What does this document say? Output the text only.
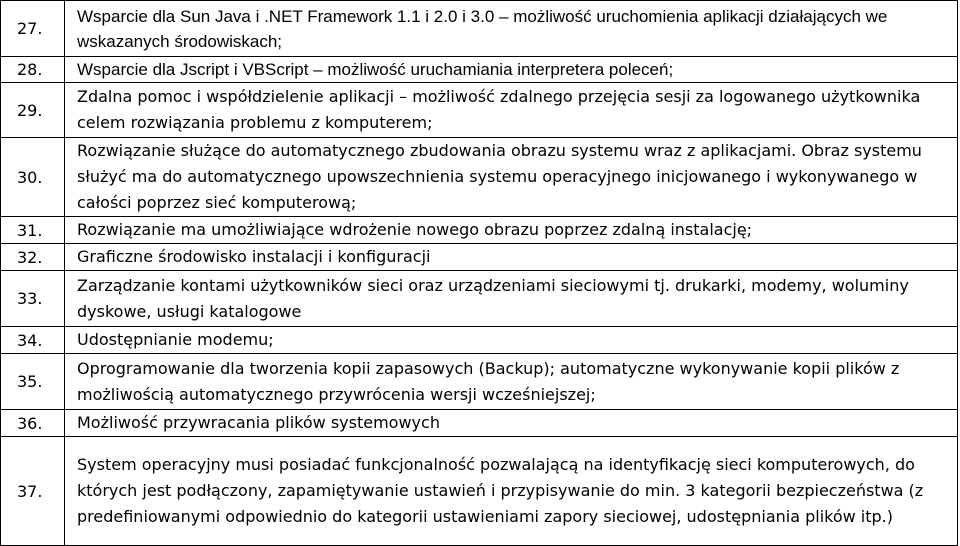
27.	Wsparcie dla Sun Java i .NET Framework 1.1 i 2.0 i 3.0 – możliwość uruchomienia aplikacji działających we wskazanych środowiskach;
28.	Wsparcie dla Jscript i VBScript – możliwość uruchamiania interpretera poleceń;
29.	Zdalna pomoc i współdzielenie aplikacji – możliwość zdalnego przejęcia sesji za logowanego użytkownika celem rozwiązania problemu z komputerem;
30.	Rozwiązanie służące do automatycznego zbudowania obrazu systemu wraz z aplikacjami. Obraz systemu służyć ma do automatycznego upowszechnienia systemu operacyjnego inicjowanego i wykonywanego w całości poprzez sieć komputerową;
31.	Rozwiązanie ma umożliwiające wdrożenie nowego obrazu poprzez zdalną instalację;
32.	Graficzne środowisko instalacji i konfiguracji
33.	Zarządzanie kontami użytkowników sieci oraz urządzeniami sieciowymi tj. drukarki, modemy, woluminy dyskowe, usługi katalogowe
34.	Udostępnianie modemu;
35.	Oprogramowanie dla tworzenia kopii zapasowych (Backup); automatyczne wykonywanie kopii plików z możliwością automatycznego przywrócenia wersji wcześniejszej;
36.	Możliwość przywracania plików systemowych
37.	System operacyjny musi posiadać funkcjonalność pozwalającą na identyfikację sieci komputerowych, do których jest podłączony, zapamiętywanie ustawień i przypisywanie do min. 3 kategorii bezpieczeństwa (z predefiniowanymi odpowiednio do kategorii ustawieniami zapory sieciowej, udostępniania plików itp.)
